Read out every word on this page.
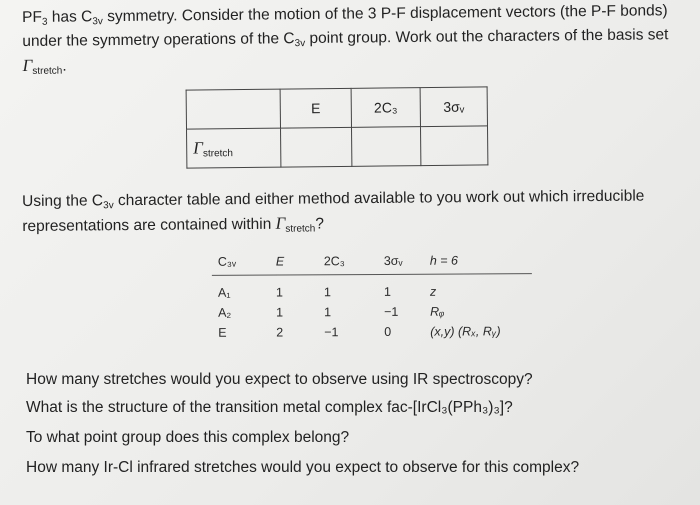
$PF_3$ has $C_{3v}$ symmetry. Consider the motion of the 3 P-F displacement vectors (the P-F bonds) under the symmetry operations of the $C_{3v}$ point group. Work out the characters of the basis set
Γstretch.

	E	2C₃	3σᵥ
$\Gamma_{stretch}$			

Using the $C_{3v}$ character table and either method available to you work out which irreducible representations are contained within Γstretch?

C₃ᵥ	E	2C₃	3σᵥ h = 6
A₁	1	1	1	z
A₂	1	1	−1	Rᵩ
E	2	−1	0	(x,y) (Rₓ, Rᵧ)

How many stretches would you expect to observe using IR spectroscopy?

What is the structure of the transition metal complex fac-[IrCl₃(PPh₃)₃]?

To what point group does this complex belong?

How many Ir-Cl infrared stretches would you expect to observe for this complex?
